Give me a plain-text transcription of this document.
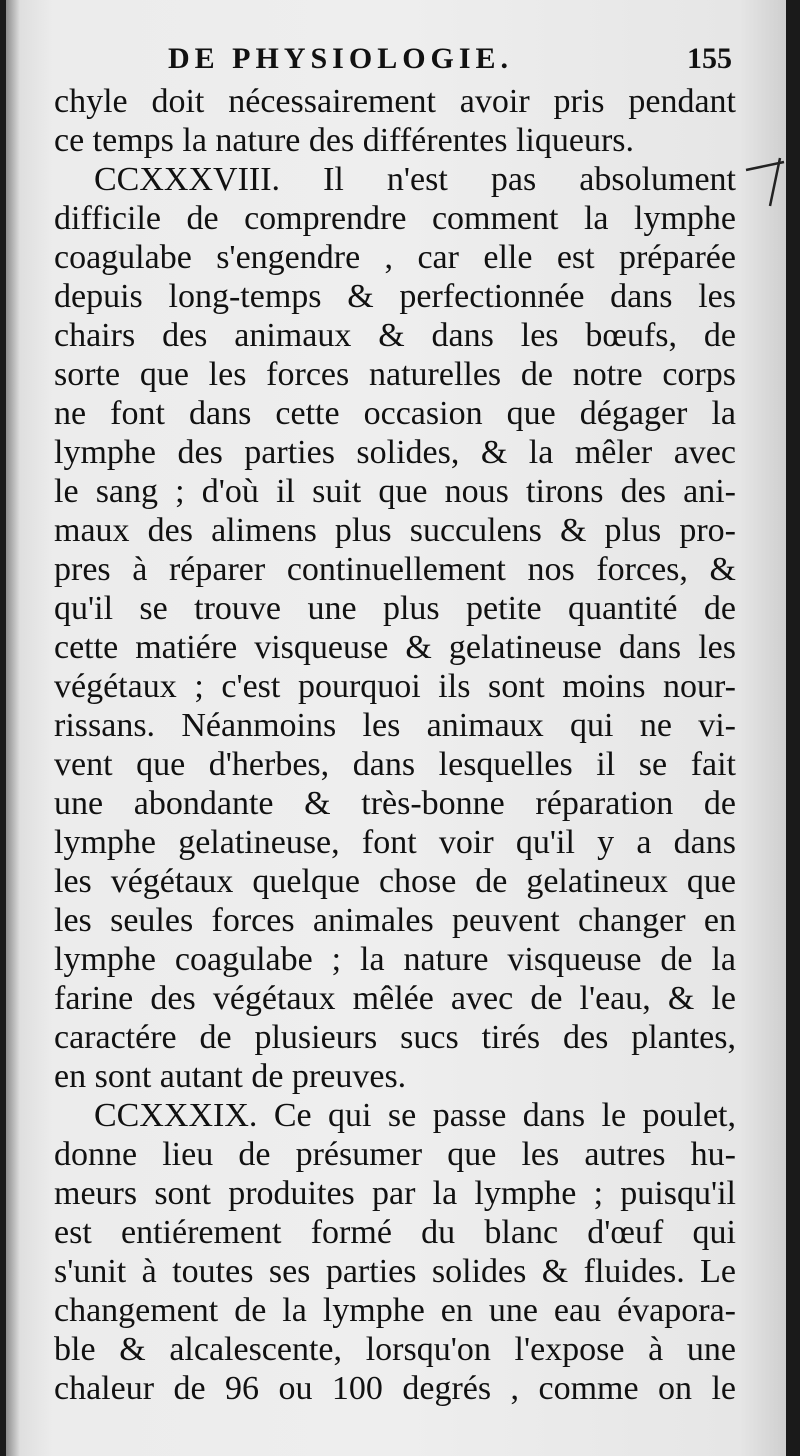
DE PHYSIOLOGIE.	155
chyle doit nécessairement avoir pris pendant
ce temps la nature des différentes liqueurs.
CCXXXVIII. Il n'est pas absolument
difficile de comprendre comment la lymphe
coagulabe s'engendre , car elle est préparée
depuis long-temps & perfectionnée dans les
chairs des animaux & dans les bœufs, de
sorte que les forces naturelles de notre corps
ne font dans cette occasion que dégager la
lymphe des parties solides, & la mêler avec
le sang ; d'où il suit que nous tirons des ani-
maux des alimens plus succulens & plus pro-
pres à réparer continuellement nos forces, &
qu'il se trouve une plus petite quantité de
cette matiére visqueuse & gelatineuse dans les
végétaux ; c'est pourquoi ils sont moins nour-
rissans. Néanmoins les animaux qui ne vi-
vent que d'herbes, dans lesquelles il se fait
une abondante & très-bonne réparation de
lymphe gelatineuse, font voir qu'il y a dans
les végétaux quelque chose de gelatineux que
les seules forces animales peuvent changer en
lymphe coagulabe ; la nature visqueuse de la
farine des végétaux mêlée avec de l'eau, & le
caractére de plusieurs sucs tirés des plantes,
en sont autant de preuves.
CCXXXIX. Ce qui se passe dans le poulet,
donne lieu de présumer que les autres hu-
meurs sont produites par la lymphe ; puisqu'il
est entiérement formé du blanc d'œuf qui
s'unit à toutes ses parties solides & fluides. Le
changement de la lymphe en une eau évapora-
ble & alcalescente, lorsqu'on l'expose à une
chaleur de 96 ou 100 degrés , comme on le
